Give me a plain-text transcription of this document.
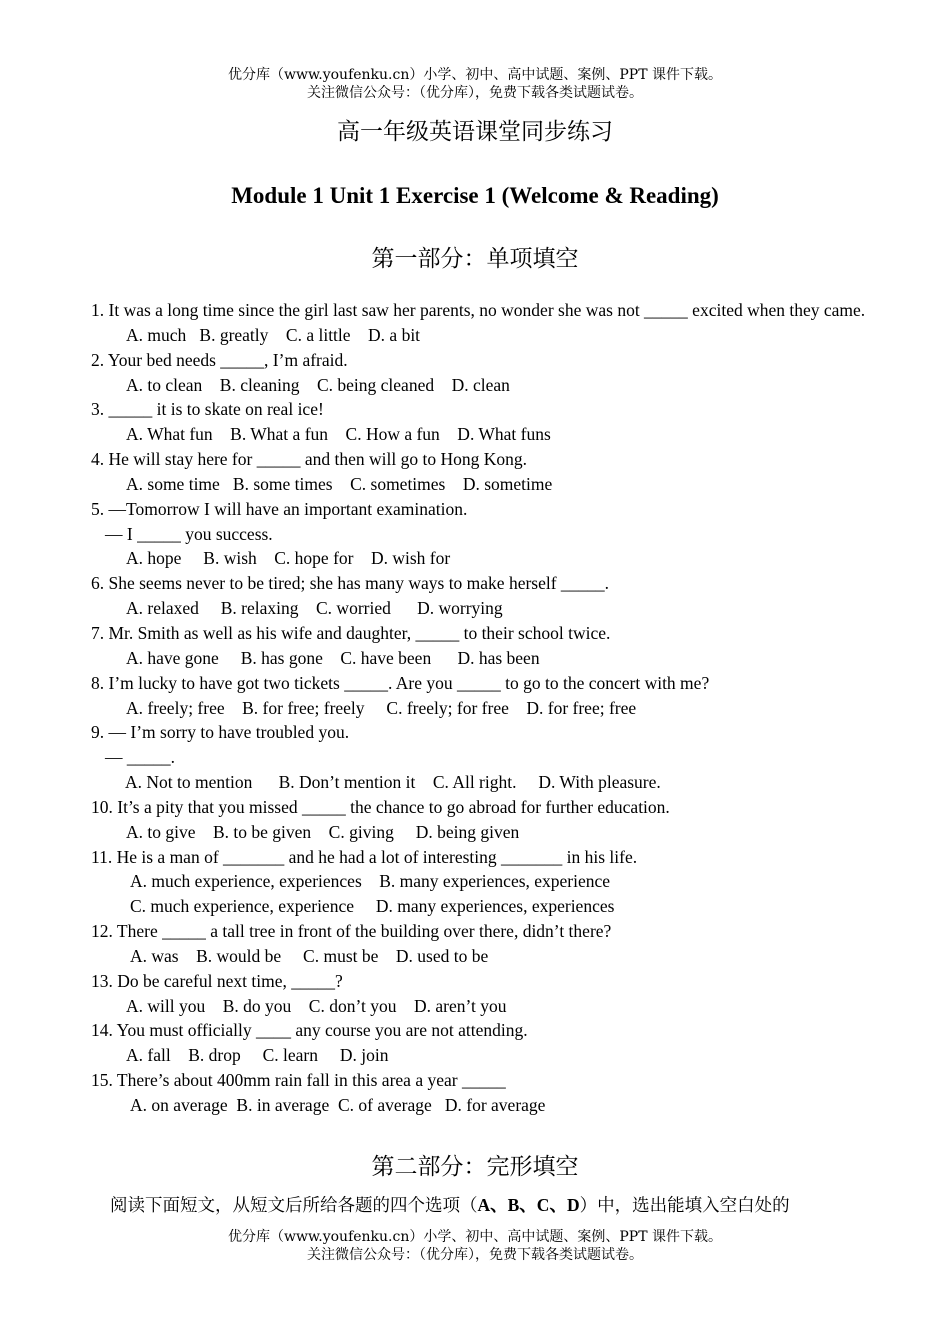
优分库（www.youfenku.cn）小学、初中、高中试题、案例、PPT 课件下载。
关注微信公众号：（优分库），免费下载各类试题试卷。
高一年级英语课堂同步练习
Module 1 Unit 1 Exercise 1 (Welcome & Reading)
第一部分：单项填空
1. It was a long time since the girl last saw her parents, no wonder she was not _____ excited when they came.
A. much   B. greatly    C. a little    D. a bit
2. Your bed needs _____, I’m afraid.
A. to clean    B. cleaning    C. being cleaned    D. clean
3. _____ it is to skate on real ice!
A. What fun    B. What a fun    C. How a fun    D. What funs
4. He will stay here for _____ and then will go to Hong Kong.
A. some time   B. some times    C. sometimes    D. sometime
5. —Tomorrow I will have an important examination.
— I _____ you success.
A. hope     B. wish    C. hope for    D. wish for
6. She seems never to be tired; she has many ways to make herself _____.
A. relaxed     B. relaxing    C. worried      D. worrying
7. Mr. Smith as well as his wife and daughter, _____ to their school twice.
A. have gone     B. has gone    C. have been      D. has been
8. I’m lucky to have got two tickets _____. Are you _____ to go to the concert with me?
A. freely; free    B. for free; freely     C. freely; for free    D. for free; free
9. — I’m sorry to have troubled you.
— _____.
A. Not to mention      B. Don’t mention it    C. All right.     D. With pleasure.
10. It’s a pity that you missed _____ the chance to go abroad for further education.
A. to give    B. to be given    C. giving     D. being given
11. He is a man of _______ and he had a lot of interesting _______ in his life.
A. much experience, experiences    B. many experiences, experience
C. much experience, experience     D. many experiences, experiences
12. There _____ a tall tree in front of the building over there, didn’t there?
A. was    B. would be     C. must be    D. used to be
13. Do be careful next time, _____?
A. will you    B. do you    C. don’t you    D. aren’t you
14. You must officially ____ any course you are not attending.
A. fall    B. drop     C. learn     D. join
15. There’s about 400mm rain fall in this area a year _____
A. on average  B. in average  C. of average   D. for average
第二部分：完形填空
阅读下面短文，从短文后所给各题的四个选项（A、B、C、D）中，选出能填入空白处的
优分库（www.youfenku.cn）小学、初中、高中试题、案例、PPT 课件下载。
关注微信公众号：（优分库），免费下载各类试题试卷。
